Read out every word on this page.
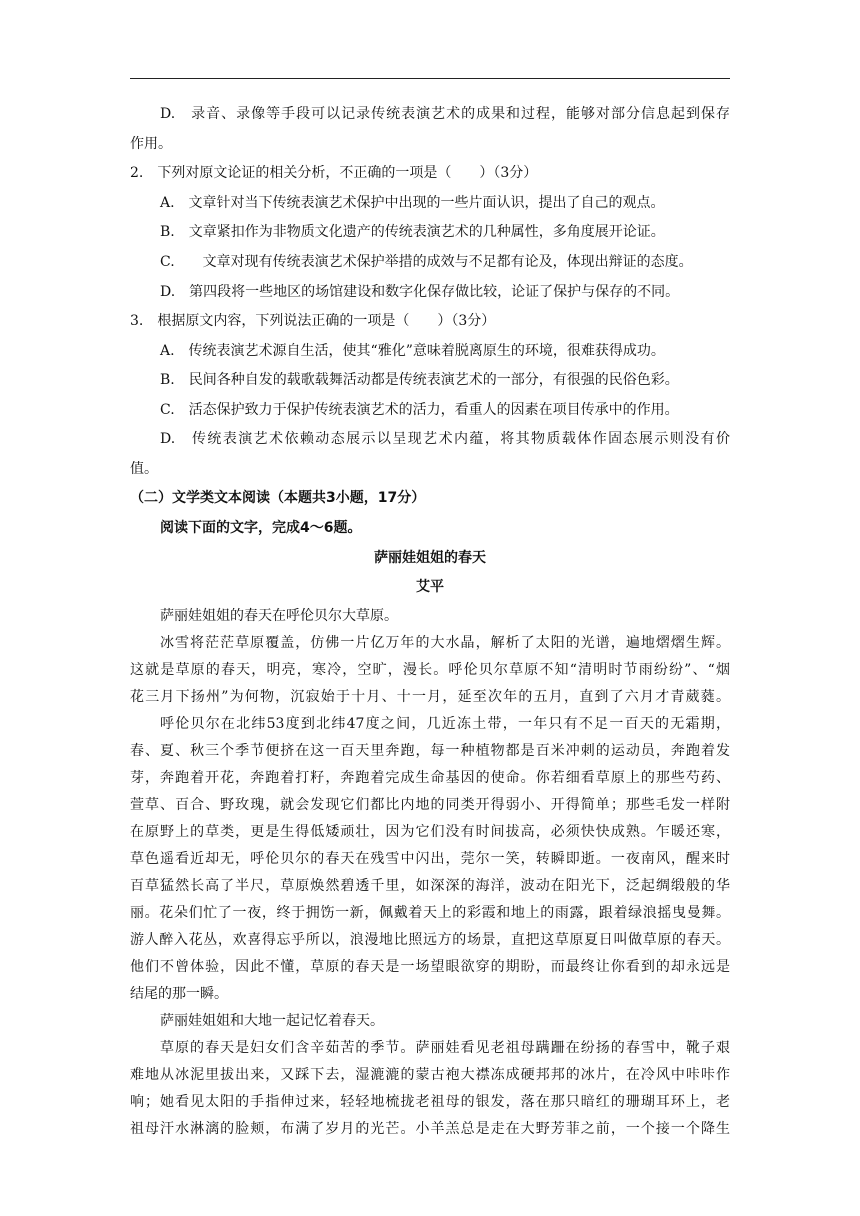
D.　录音、录像等手段可以记录传统表演艺术的成果和过程，能够对部分信息起到保存
作用。
2.　下列对原文论证的相关分析，不正确的一项是（　　）（3分）
A.　文章针对当下传统表演艺术保护中出现的一些片面认识，提出了自己的观点。
B.　文章紧扣作为非物质文化遗产的传统表演艺术的几种属性，多角度展开论证。
C.　　文章对现有传统表演艺术保护举措的成效与不足都有论及，体现出辩证的态度。
D.　第四段将一些地区的场馆建设和数字化保存做比较，论证了保护与保存的不同。
3.　根据原文内容，下列说法正确的一项是（　　）（3分）
A.　传统表演艺术源自生活，使其“雅化”意味着脱离原生的环境，很难获得成功。
B.　民间各种自发的载歌载舞活动都是传统表演艺术的一部分，有很强的民俗色彩。
C.　活态保护致力于保护传统表演艺术的活力，看重人的因素在项目传承中的作用。
D.　传统表演艺术依赖动态展示以呈现艺术内蕴，将其物质载体作固态展示则没有价
值。
（二）文学类文本阅读（本题共3小题，17分）
阅读下面的文字，完成4～6题。
萨丽娃姐姐的春天
艾平
萨丽娃姐姐的春天在呼伦贝尔大草原。
冰雪将茫茫草原覆盖，仿佛一片亿万年的大水晶，解析了太阳的光谱，遍地熠熠生辉。
这就是草原的春天，明亮，寒冷，空旷，漫长。呼伦贝尔草原不知“清明时节雨纷纷”、“烟
花三月下扬州”为何物，沉寂始于十月、十一月，延至次年的五月，直到了六月才青葳蕤。
呼伦贝尔在北纬53度到北纬47度之间，几近冻土带，一年只有不足一百天的无霜期，
春、夏、秋三个季节便挤在这一百天里奔跑，每一种植物都是百米冲刺的运动员，奔跑着发
芽，奔跑着开花，奔跑着打籽，奔跑着完成生命基因的使命。你若细看草原上的那些芍药、
萱草、百合、野玫瑰，就会发现它们都比内地的同类开得弱小、开得简单；那些毛发一样附
在原野上的草类，更是生得低矮顽壮，因为它们没有时间拔高，必须快快成熟。乍暖还寒，
草色遥看近却无，呼伦贝尔的春天在残雪中闪出，莞尔一笑，转瞬即逝。一夜南风，醒来时
百草猛然长高了半尺，草原焕然碧透千里，如深深的海洋，波动在阳光下，泛起绸缎般的华
丽。花朵们忙了一夜，终于拥饬一新，佩戴着天上的彩霞和地上的雨露，跟着绿浪摇曳曼舞。
游人醉入花丛，欢喜得忘乎所以，浪漫地比照远方的场景，直把这草原夏日叫做草原的春天。
他们不曾体验，因此不懂，草原的春天是一场望眼欲穿的期盼，而最终让你看到的却永远是
结尾的那一瞬。
萨丽娃姐姐和大地一起记忆着春天。
草原的春天是妇女们含辛茹苦的季节。萨丽娃看见老祖母蹒跚在纷扬的春雪中，靴子艰
难地从冰泥里拔出来，又踩下去，湿漉漉的蒙古袍大襟冻成硬邦邦的冰片，在冷风中咔咔作
响；她看见太阳的手指伸过来，轻轻地梳拢老祖母的银发，落在那只暗红的珊瑚耳环上，老
祖母汗水淋漓的脸颊，布满了岁月的光芒。小羊羔总是走在大野芳菲之前，一个接一个降生
